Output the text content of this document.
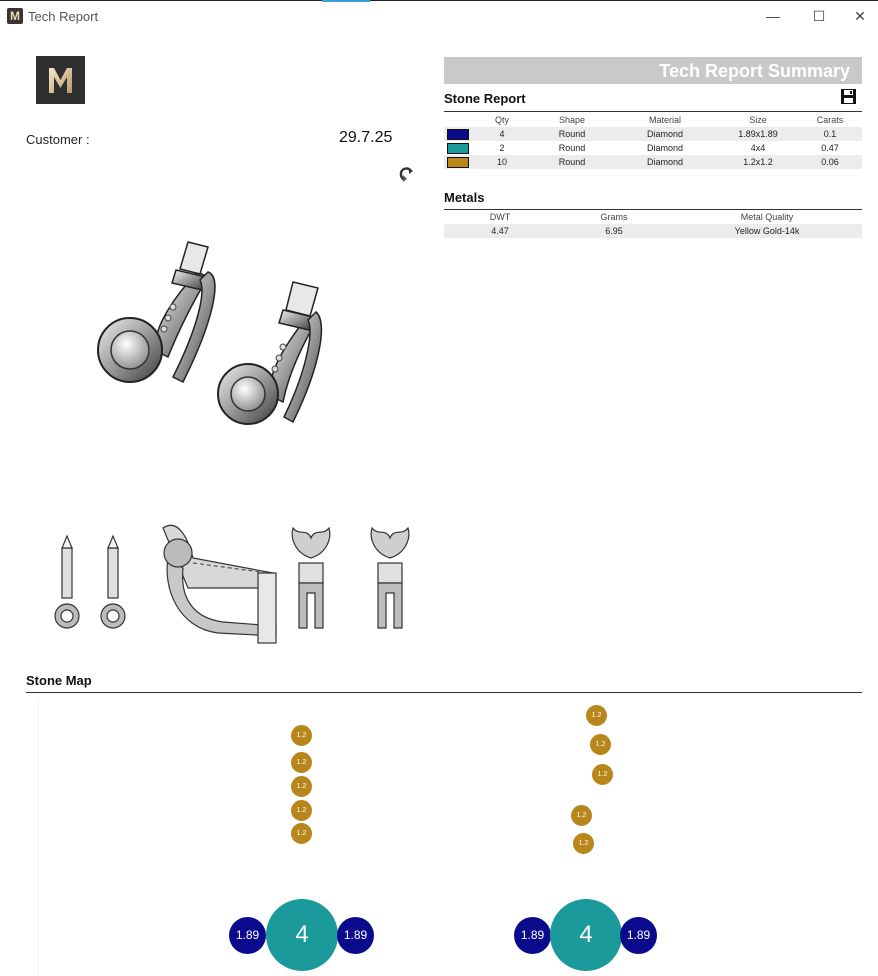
M Tech Report	—	☐	✕
Customer :	29.7.25
Tech Report Summary
Stone Report
	Qty	Shape	Material	Size	Carats
	4	Round	Diamond	1.89x1.89	0.1
	2	Round	Diamond	4x4	0.47
	10	Round	Diamond	1.2x1.2	0.06
Metals
DWT	Grams	Metal Quality
4.47	6.95	Yellow Gold-14k
Stone Map
1.2
1.2
1.2
1.2
1.2
1.89	4	1.89
1.2
1.2
1.2
1.2
1.2
1.89	4	1.89
